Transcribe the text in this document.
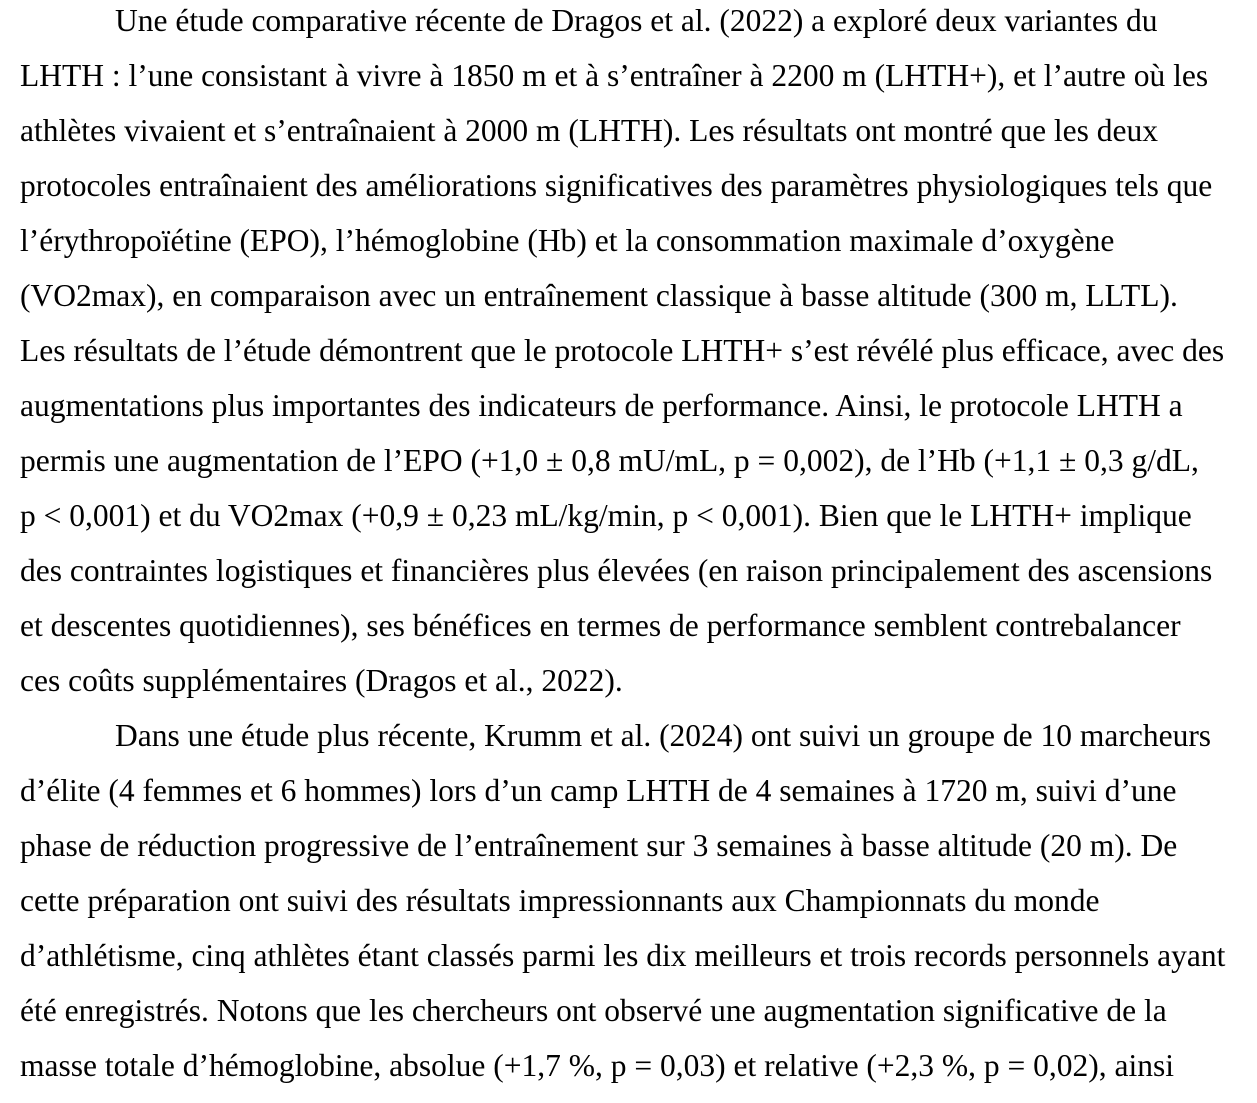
Une étude comparative récente de Dragos et al. (2022) a exploré deux variantes du
LHTH : l’une consistant à vivre à 1850 m et à s’entraîner à 2200 m (LHTH+), et l’autre où les
athlètes vivaient et s’entraînaient à 2000 m (LHTH). Les résultats ont montré que les deux
protocoles entraînaient des améliorations significatives des paramètres physiologiques tels que
l’érythropoïétine (EPO), l’hémoglobine (Hb) et la consommation maximale d’oxygène
(VO2max), en comparaison avec un entraînement classique à basse altitude (300 m, LLTL).
Les résultats de l’étude démontrent que le protocole LHTH+ s’est révélé plus efficace, avec des
augmentations plus importantes des indicateurs de performance. Ainsi, le protocole LHTH a
permis une augmentation de l’EPO (+1,0 ± 0,8 mU/mL, p = 0,002), de l’Hb (+1,1 ± 0,3 g/dL,
p < 0,001) et du VO2max (+0,9 ± 0,23 mL/kg/min, p < 0,001). Bien que le LHTH+ implique
des contraintes logistiques et financières plus élevées (en raison principalement des ascensions
et descentes quotidiennes), ses bénéfices en termes de performance semblent contrebalancer
ces coûts supplémentaires (Dragos et al., 2022).
Dans une étude plus récente, Krumm et al. (2024) ont suivi un groupe de 10 marcheurs
d’élite (4 femmes et 6 hommes) lors d’un camp LHTH de 4 semaines à 1720 m, suivi d’une
phase de réduction progressive de l’entraînement sur 3 semaines à basse altitude (20 m). De
cette préparation ont suivi des résultats impressionnants aux Championnats du monde
d’athlétisme, cinq athlètes étant classés parmi les dix meilleurs et trois records personnels ayant
été enregistrés. Notons que les chercheurs ont observé une augmentation significative de la
masse totale d’hémoglobine, absolue (+1,7 %, p = 0,03) et relative (+2,3 %, p = 0,02), ainsi
